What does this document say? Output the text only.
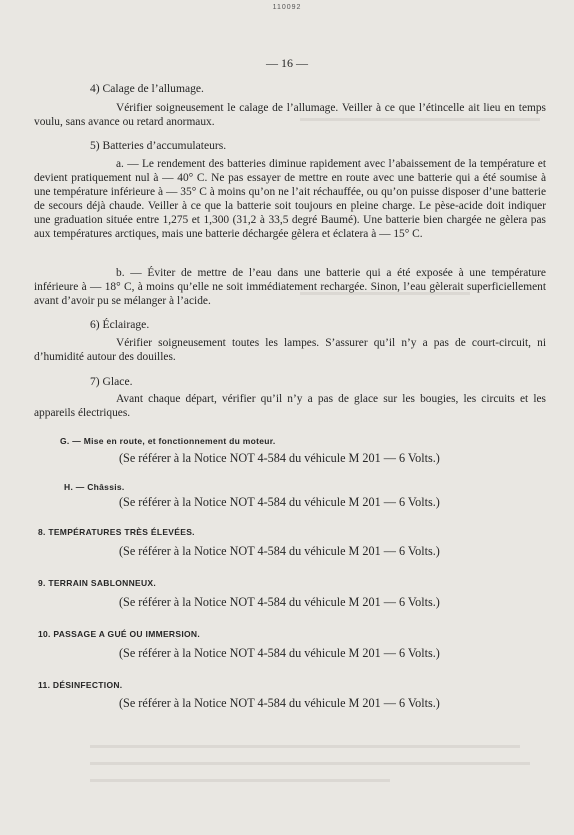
110092
— 16 —
4) Calage de l’allumage.

Vérifier soigneusement le calage de l’allumage. Veiller à ce que l’étincelle ait lieu en temps voulu, sans avance ou retard anormaux.

5) Batteries d’accumulateurs.

a. — Le rendement des batteries diminue rapidement avec l’abaissement de la température et devient pratiquement nul à — 40° C. Ne pas essayer de mettre en route avec une batterie qui a été soumise à une température inférieure à — 35° C à moins qu’on ne l’ait réchauffée, ou qu’on puisse disposer d’une batterie de secours déjà chaude. Veiller à ce que la batterie soit toujours en pleine charge. Le pèse-acide doit indiquer une graduation située entre 1,275 et 1,300 (31,2 à 33,5 degré Baumé). Une batterie bien chargée ne gèlera pas aux températures arctiques, mais une batterie déchargée gèlera et éclatera à — 15° C.

b. — Éviter de mettre de l’eau dans une batterie qui a été exposée à une température inférieure à — 18° C, à moins qu’elle ne soit immédiatement rechargée. Sinon, l’eau gèlerait superficiellement avant d’avoir pu se mélanger à l’acide.

6) Éclairage.

Vérifier soigneusement toutes les lampes. S’assurer qu’il n’y a pas de court-circuit, ni d’humidité autour des douilles.

7) Glace.

Avant chaque départ, vérifier qu’il n’y a pas de glace sur les bougies, les circuits et les appareils électriques.

G. — Mise en route, et fonctionnement du moteur.
(Se référer à la Notice NOT 4-584 du véhicule M 201 — 6 Volts.)
H. — Châssis.
(Se référer à la Notice NOT 4-584 du véhicule M 201 — 6 Volts.)
8. TEMPÉRATURES TRÈS ÉLEVÉES.
(Se référer à la Notice NOT 4-584 du véhicule M 201 — 6 Volts.)
9. TERRAIN SABLONNEUX.
(Se référer à la Notice NOT 4-584 du véhicule M 201 — 6 Volts.)
10. PASSAGE A GUÉ OU IMMERSION.
(Se référer à la Notice NOT 4-584 du véhicule M 201 — 6 Volts.)
11. DÉSINFECTION.
(Se référer à la Notice NOT 4-584 du véhicule M 201 — 6 Volts.)
